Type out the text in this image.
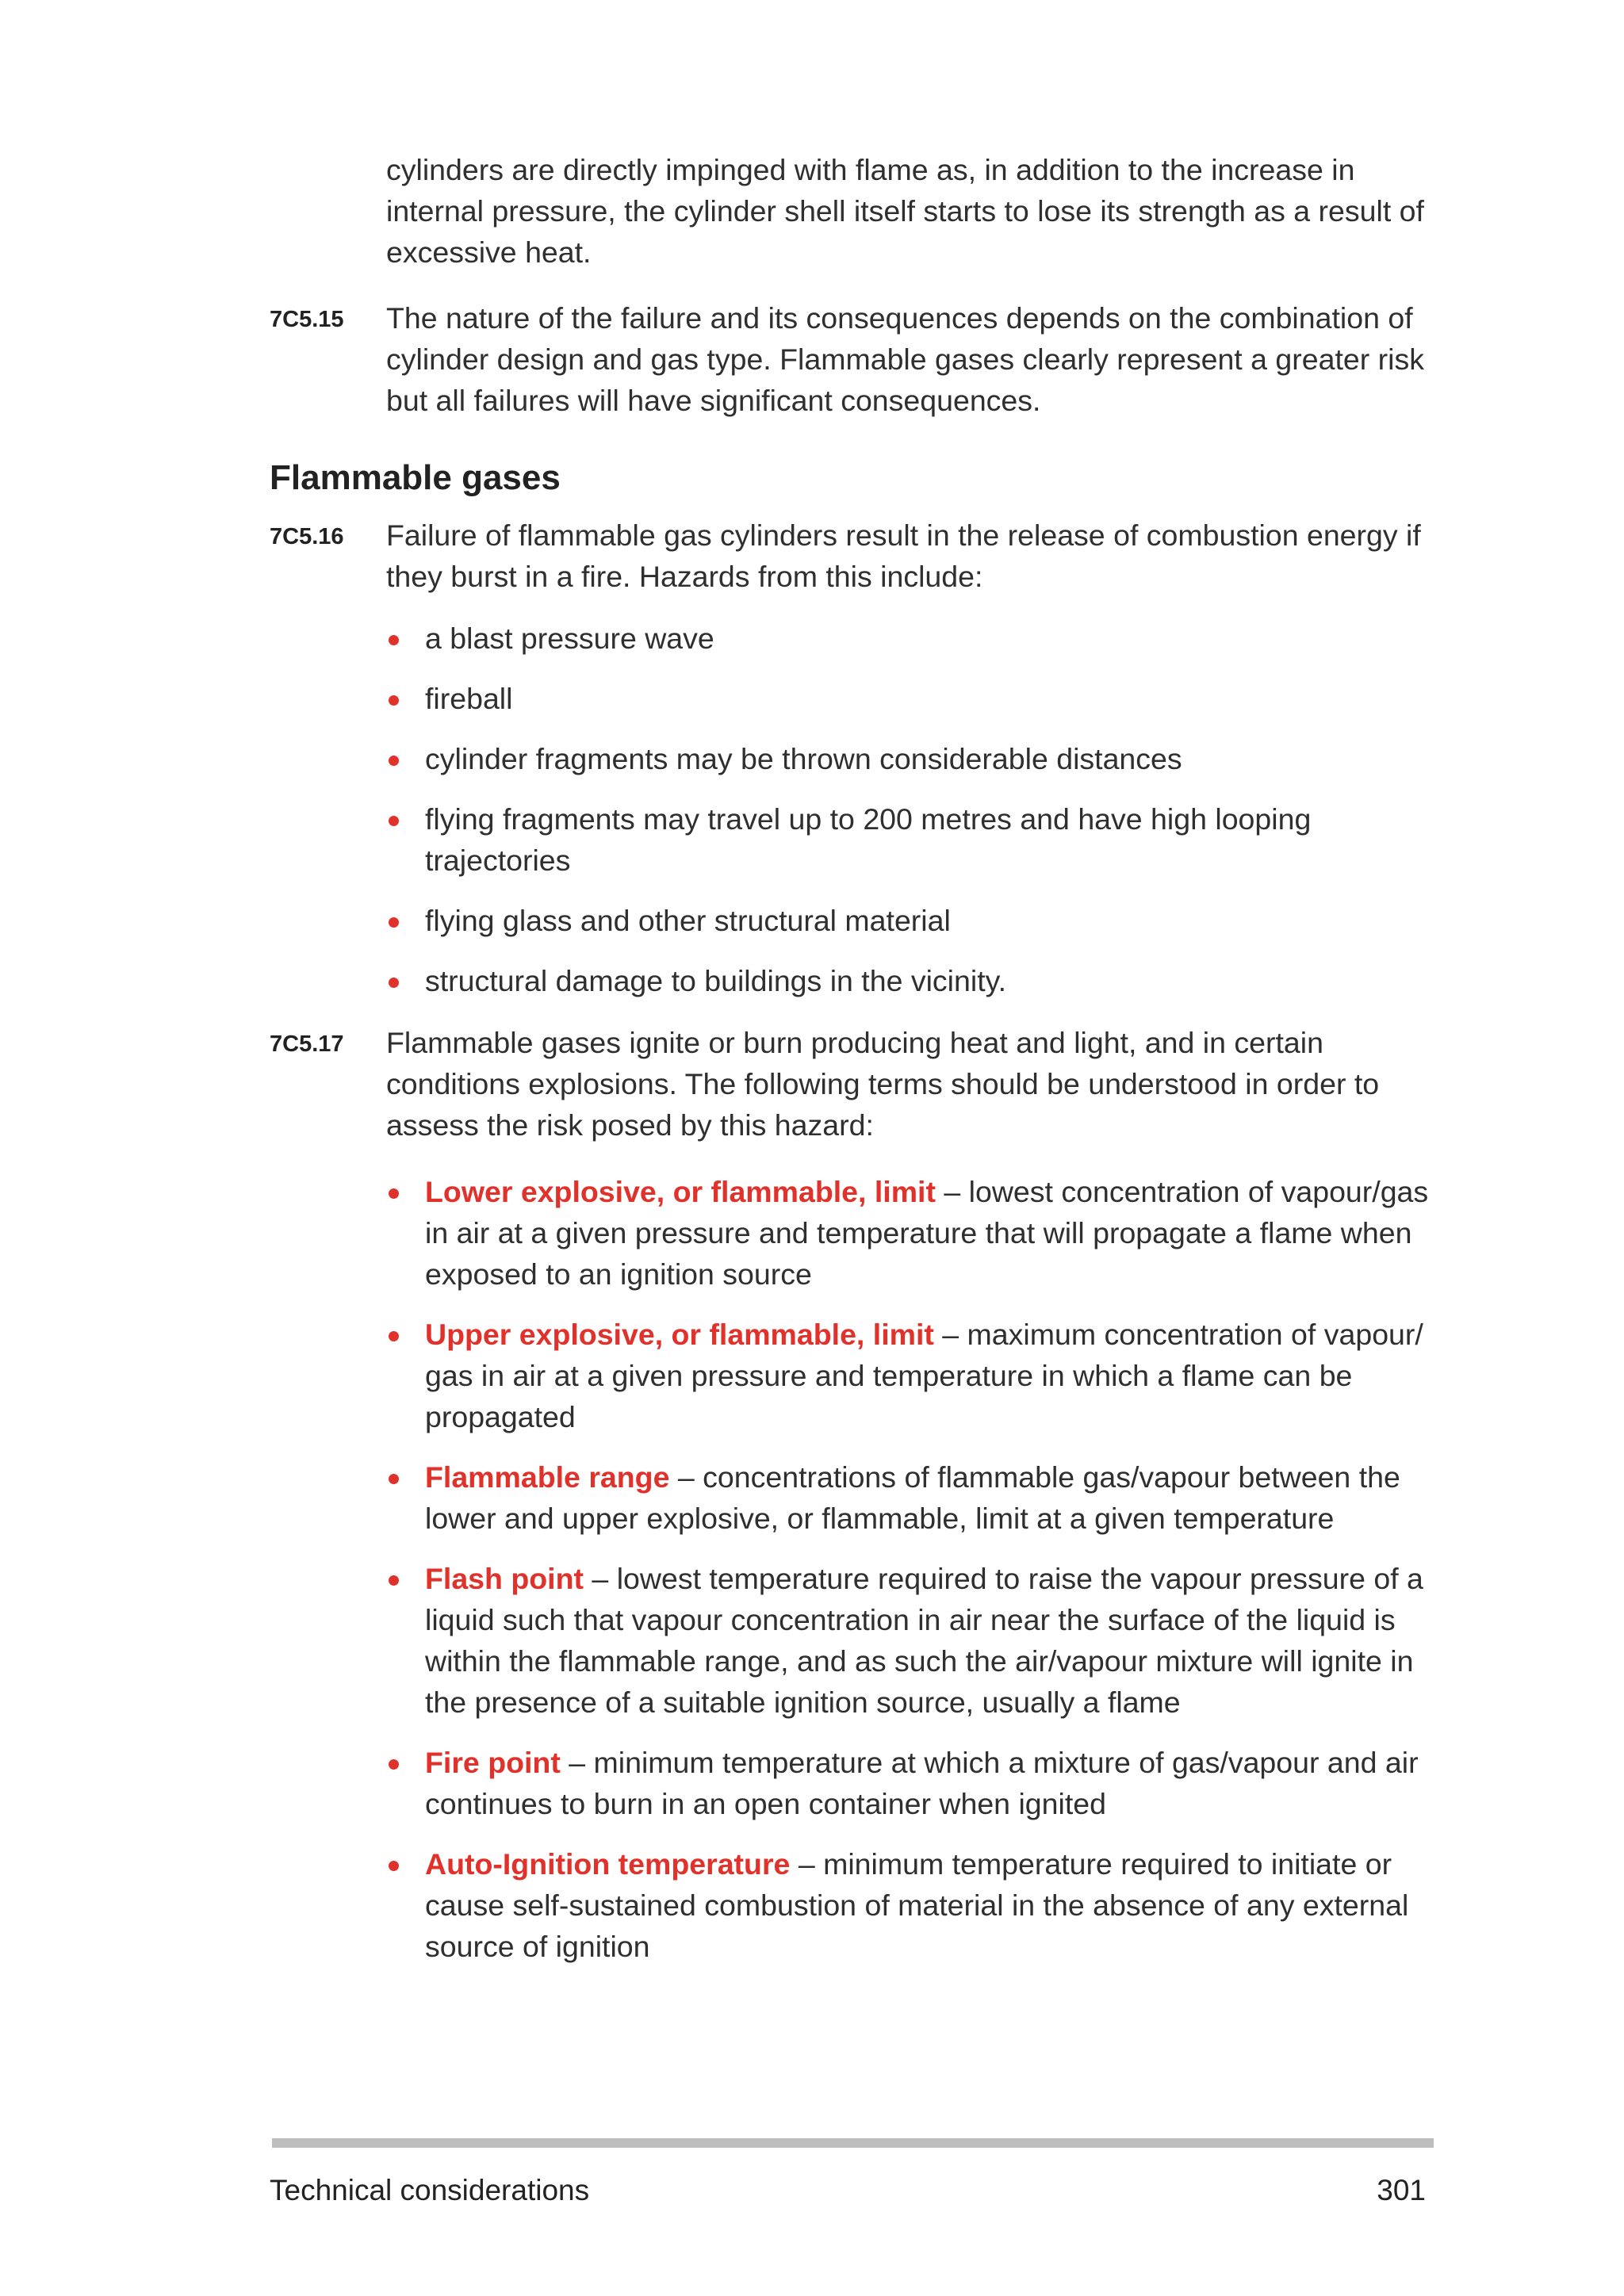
cylinders are directly impinged with flame as, in addition to the increase in internal pressure, the cylinder shell itself starts to lose its strength as a result of excessive heat.
7C5.15	The nature of the failure and its consequences depends on the combination of cylinder design and gas type. Flammable gases clearly represent a greater risk but all failures will have significant consequences.
Flammable gases
7C5.16	Failure of flammable gas cylinders result in the release of combustion energy if they burst in a fire. Hazards from this include:
a blast pressure wave
fireball
cylinder fragments may be thrown considerable distances
flying fragments may travel up to 200 metres and have high looping trajectories
flying glass and other structural material
structural damage to buildings in the vicinity.
7C5.17	Flammable gases ignite or burn producing heat and light, and in certain conditions explosions. The following terms should be understood in order to assess the risk posed by this hazard:
Lower explosive, or flammable, limit – lowest concentration of vapour/gas in air at a given pressure and temperature that will propagate a flame when exposed to an ignition source
Upper explosive, or flammable, limit – maximum concentration of vapour/ gas in air at a given pressure and temperature in which a flame can be propagated
Flammable range – concentrations of flammable gas/vapour between the lower and upper explosive, or flammable, limit at a given temperature
Flash point – lowest temperature required to raise the vapour pressure of a liquid such that vapour concentration in air near the surface of the liquid is within the flammable range, and as such the air/vapour mixture will ignite in the presence of a suitable ignition source, usually a flame
Fire point – minimum temperature at which a mixture of gas/vapour and air continues to burn in an open container when ignited
Auto-Ignition temperature – minimum temperature required to initiate or cause self-sustained combustion of material in the absence of any external source of ignition
Technical considerations	301
